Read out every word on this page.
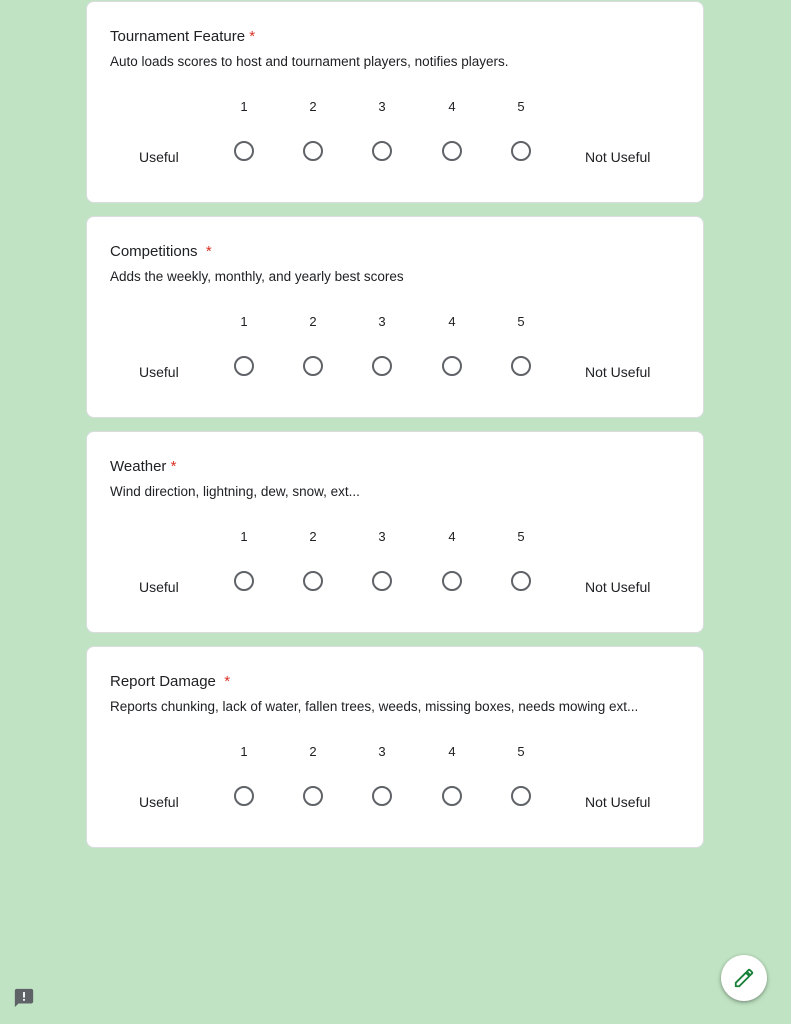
Tournament Feature *
Auto loads scores to host and tournament players, notifies players.
1	2	3	4	5
Useful	Not Useful
Competitions  *
Adds the weekly, monthly, and yearly best scores
1	2	3	4	5
Useful	Not Useful
Weather *
Wind direction, lightning, dew, snow, ext...
1	2	3	4	5
Useful	Not Useful
Report Damage  *
Reports chunking, lack of water, fallen trees, weeds, missing boxes, needs mowing ext...
1	2	3	4	5
Useful	Not Useful
